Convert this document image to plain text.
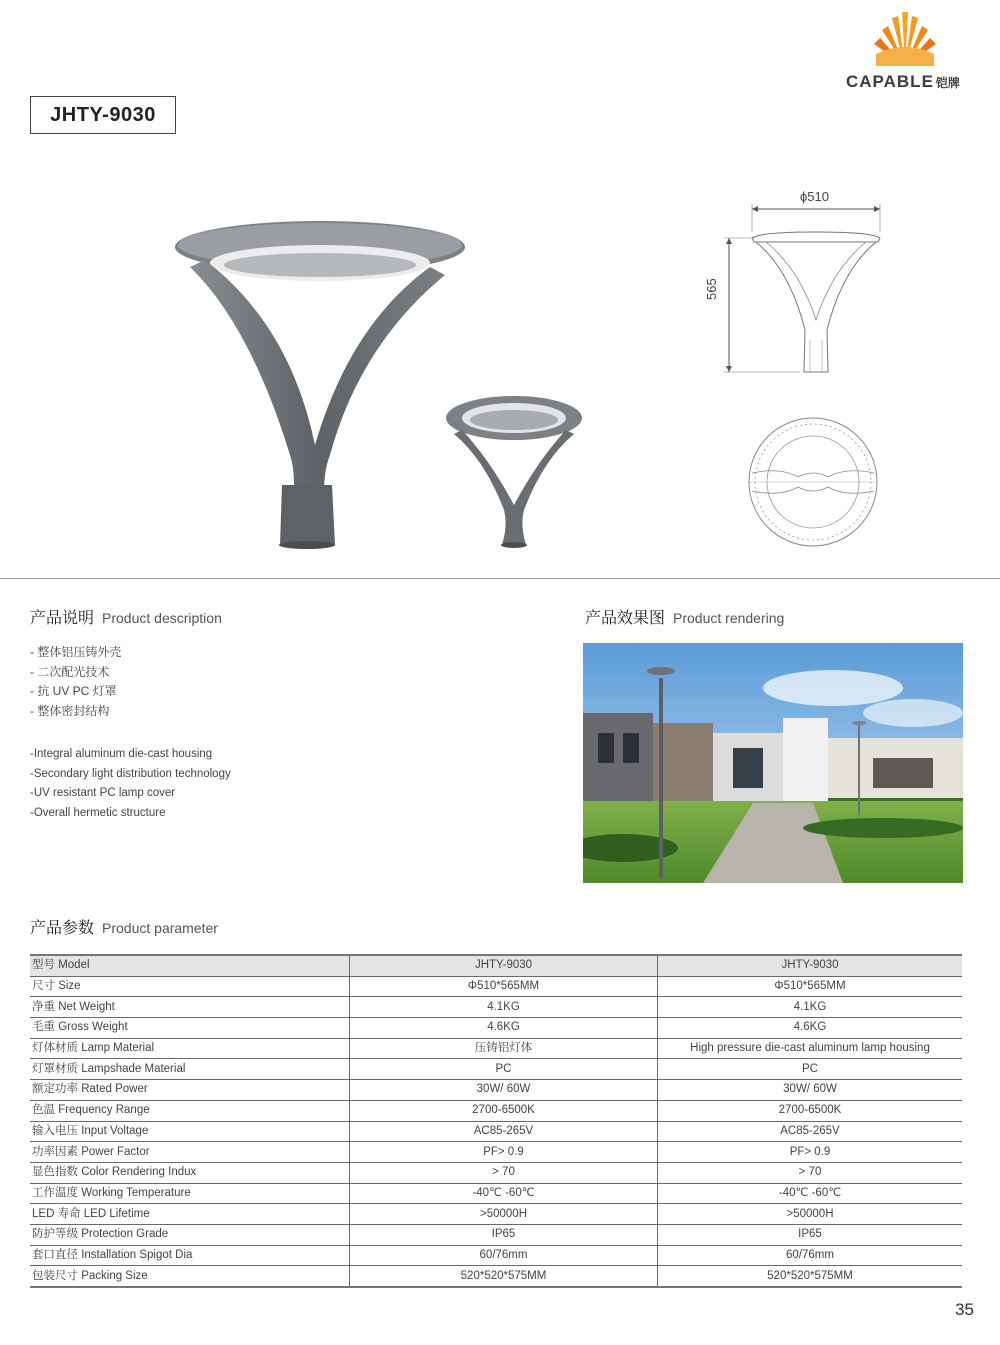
CAPABLE 铠牌
JHTY-9030
ϕ510
565
产品说明 Product description
- 整体铝压铸外壳
- 二次配光技术
- 抗 UV PC 灯罩
- 整体密封结构
-Integral aluminum die-cast housing
-Secondary light distribution technology
-UV resistant PC lamp cover
-Overall hermetic structure
产品效果图 Product rendering
产品参数 Product parameter
型号 Model	JHTY-9030	JHTY-9030
尺寸 Size	Φ510*565MM	Φ510*565MM
净重 Net Weight	4.1KG	4.1KG
毛重 Gross Weight	4.6KG	4.6KG
灯体材质 Lamp Material	压铸铝灯体	High pressure die-cast aluminum lamp housing
灯罩材质 Lampshade Material	PC	PC
额定功率 Rated Power	30W/ 60W	30W/ 60W
色温 Frequency Range	2700-6500K	2700-6500K
输入电压 Input Voltage	AC85-265V	AC85-265V
功率因素 Power Factor	PF> 0.9	PF> 0.9
显色指数 Color Rendering Indux	> 70	> 70
工作温度 Working Temperature	-40℃ -60℃	-40℃ -60℃
LED 寿命 LED Lifetime	>50000H	>50000H
防护等级 Protection Grade	IP65	IP65
套口直径 Installation Spigot Dia	60/76mm	60/76mm
包装尺寸 Packing Size	520*520*575MM	520*520*575MM
35
